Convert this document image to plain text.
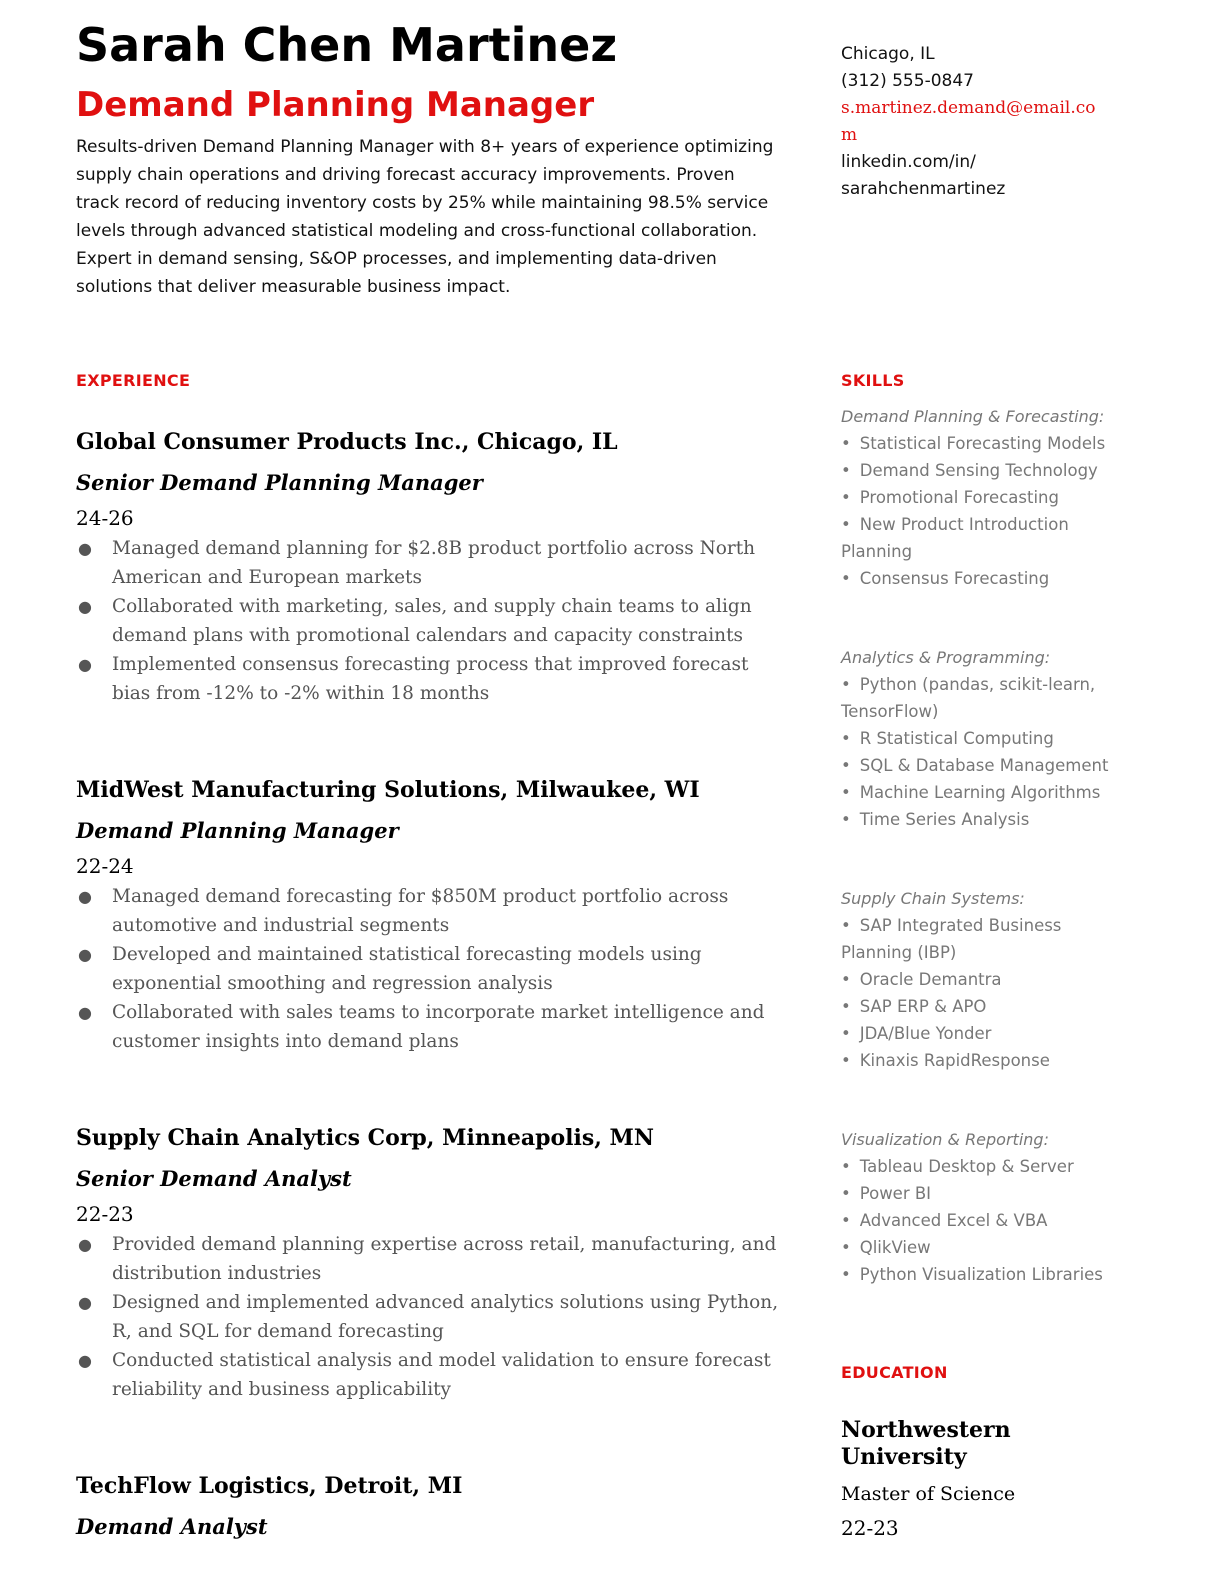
Sarah Chen Martinez
Demand Planning Manager

Results-driven Demand Planning Manager with 8+ years of experience optimizing supply chain operations and driving forecast accuracy improvements. Proven track record of reducing inventory costs by 25% while maintaining 98.5% service levels through advanced statistical modeling and cross-functional collaboration. Expert in demand sensing, S&OP processes, and implementing data-driven solutions that deliver measurable business impact.

EXPERIENCE

Global Consumer Products Inc., Chicago, IL

Senior Demand Planning Manager

24-26

● Managed demand planning for $2.8B product portfolio across North American and European markets
● Collaborated with marketing, sales, and supply chain teams to align demand plans with promotional calendars and capacity constraints
● Implemented consensus forecasting process that improved forecast bias from -12% to -2% within 18 months

MidWest Manufacturing Solutions, Milwaukee, WI

Demand Planning Manager

22-24

● Managed demand forecasting for $850M product portfolio across automotive and industrial segments
● Developed and maintained statistical forecasting models using exponential smoothing and regression analysis
● Collaborated with sales teams to incorporate market intelligence and customer insights into demand plans

Supply Chain Analytics Corp, Minneapolis, MN

Senior Demand Analyst

22-23

● Provided demand planning expertise across retail, manufacturing, and distribution industries
● Designed and implemented advanced analytics solutions using Python, R, and SQL for demand forecasting
● Conducted statistical analysis and model validation to ensure forecast reliability and business applicability

TechFlow Logistics, Detroit, MI

Demand Analyst

Chicago, IL
(312) 555-0847
s.martinez.demand@email.com
linkedin.com/in/
sarahchenmartinez
SKILLS

Demand Planning & Forecasting:

• Statistical Forecasting Models
• Demand Sensing Technology
• Promotional Forecasting
• New Product Introduction Planning
• Consensus Forecasting

Analytics & Programming:

• Python (pandas, scikit-learn, TensorFlow)
• R Statistical Computing
• SQL & Database Management
• Machine Learning Algorithms
• Time Series Analysis

Supply Chain Systems:

• SAP Integrated Business Planning (IBP)
• Oracle Demantra
• SAP ERP & APO
• JDA/Blue Yonder
• Kinaxis RapidResponse

Visualization & Reporting:

• Tableau Desktop & Server
• Power BI
• Advanced Excel & VBA
• QlikView
• Python Visualization Libraries
EDUCATION

Northwestern University

Master of Science

22-23
